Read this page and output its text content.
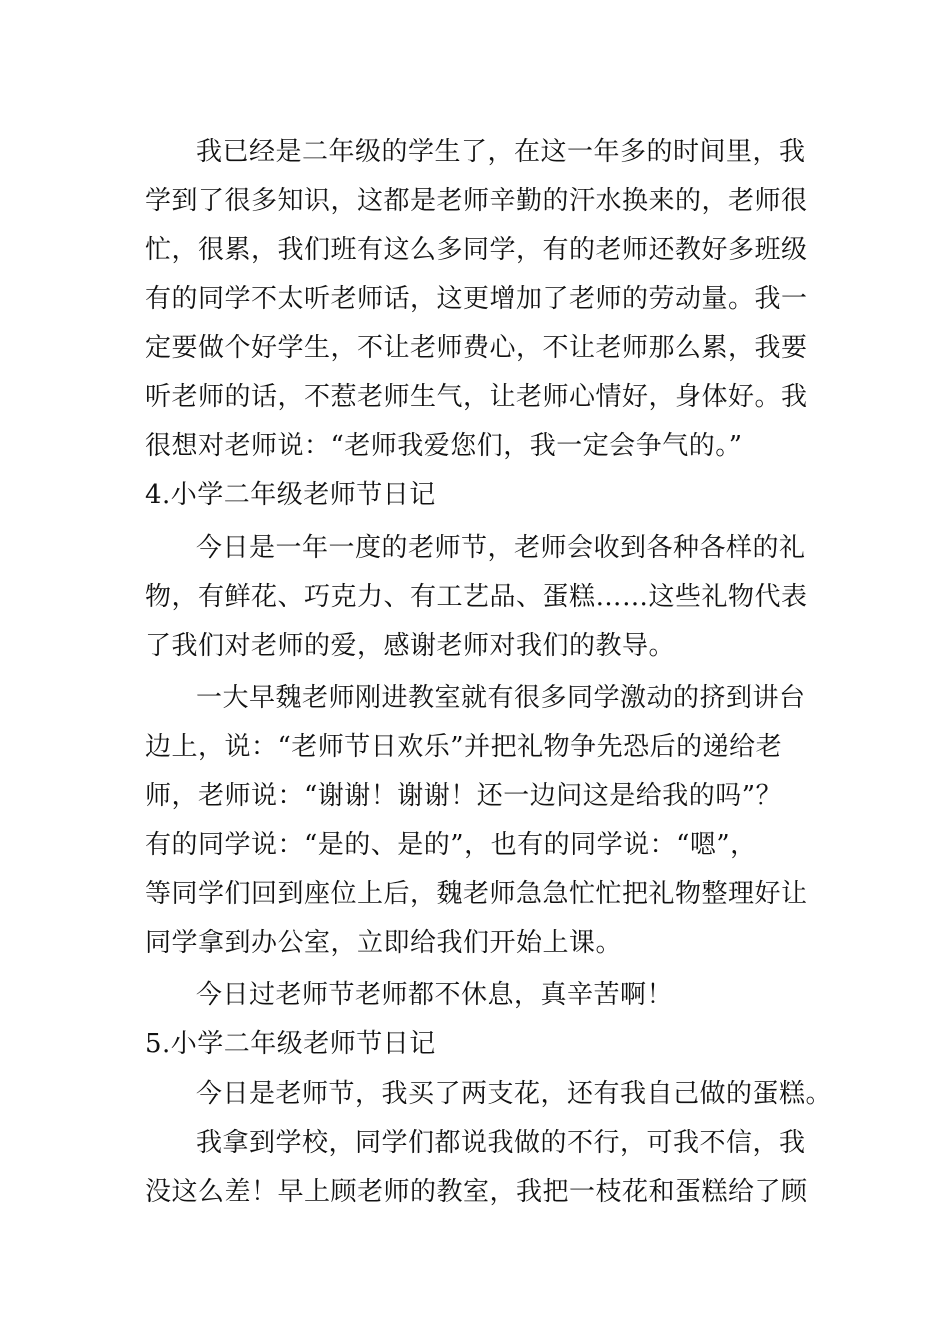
我已经是二年级的学生了，在这一年多的时间里，我
学到了很多知识，这都是老师辛勤的汗水换来的，老师很
忙，很累，我们班有这么多同学，有的老师还教好多班级
有的同学不太听老师话，这更增加了老师的劳动量。我一
定要做个好学生，不让老师费心，不让老师那么累，我要
听老师的话，不惹老师生气，让老师心情好，身体好。我
很想对老师说：“老师我爱您们，我一定会争气的。”
4.小学二年级老师节日记
今日是一年一度的老师节，老师会收到各种各样的礼
物，有鲜花、巧克力、有工艺品、蛋糕……这些礼物代表
了我们对老师的爱，感谢老师对我们的教导。
一大早魏老师刚进教室就有很多同学激动的挤到讲台
边上，说：“老师节日欢乐”并把礼物争先恐后的递给老
师，老师说：“谢谢！谢谢！还一边问这是给我的吗”？
有的同学说：“是的、是的”，也有的同学说：“嗯”，
等同学们回到座位上后，魏老师急急忙忙把礼物整理好让
同学拿到办公室，立即给我们开始上课。
今日过老师节老师都不休息，真辛苦啊！
5.小学二年级老师节日记
今日是老师节，我买了两支花，还有我自己做的蛋糕。
我拿到学校，同学们都说我做的不行，可我不信，我
没这么差！早上顾老师的教室，我把一枝花和蛋糕给了顾
